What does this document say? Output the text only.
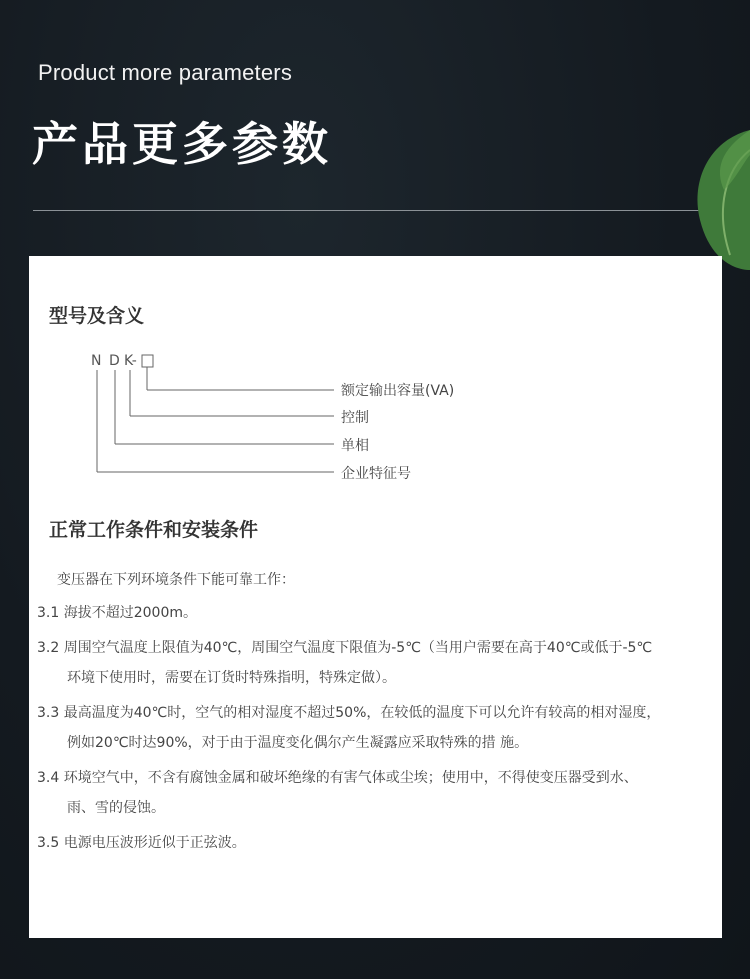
Product more parameters
产品更多参数
型号及含义
N D K-
额定输出容量(VA)
控制
单相
企业特征号
正常工作条件和安装条件
变压器在下列环境条件下能可靠工作：
3.1 海拔不超过2000m。
3.2 周围空气温度上限值为40℃，周围空气温度下限值为-5℃（当用户需要在高于40℃或低于-5℃
环境下使用时，需要在订货时特殊指明，特殊定做）。
3.3 最高温度为40℃时，空气的相对湿度不超过50%，在较低的温度下可以允许有较高的相对湿度，
例如20℃时达90%，对于由于温度变化偶尔产生凝露应采取特殊的措 施。
3.4 环境空气中，不含有腐蚀金属和破坏绝缘的有害气体或尘埃；使用中，不得使变压器受到水、
雨、雪的侵蚀。
3.5 电源电压波形近似于正弦波。
